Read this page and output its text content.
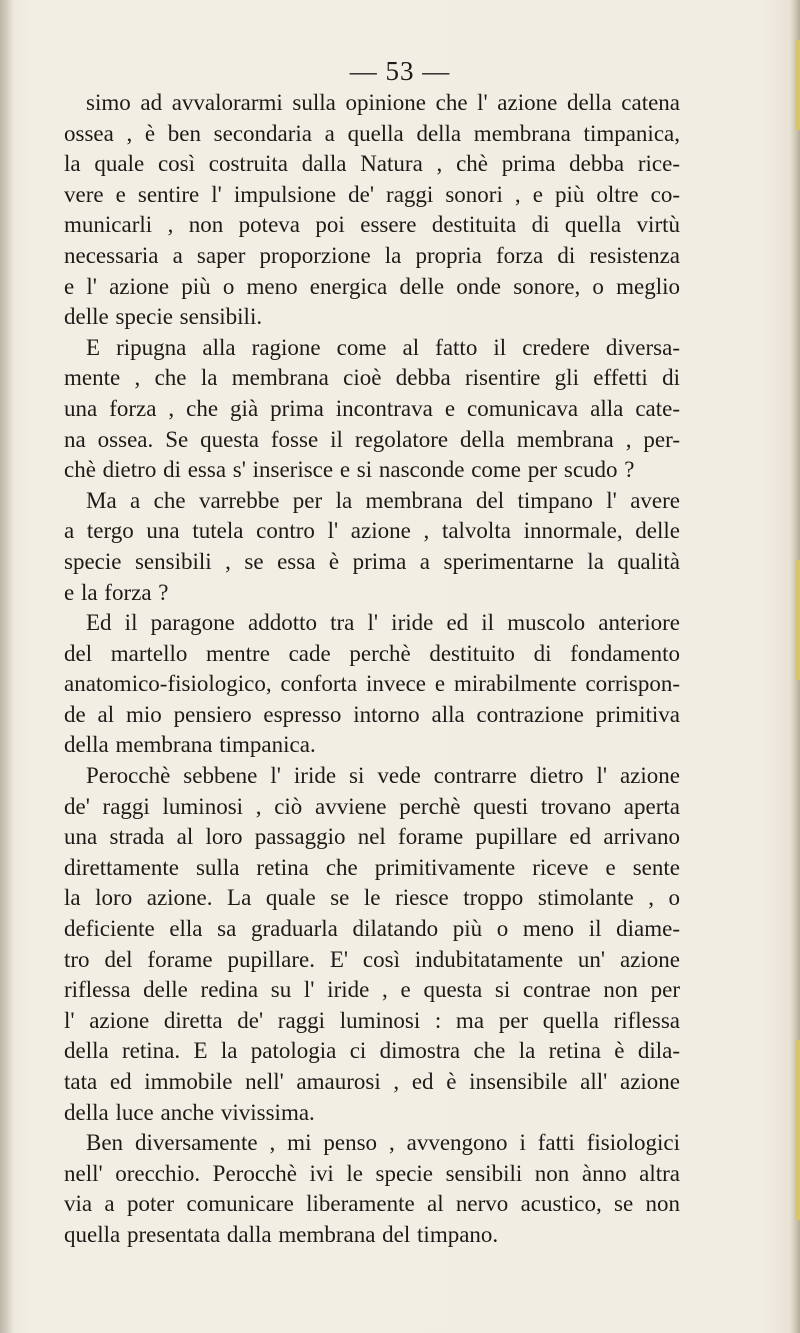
— 53 —
simo ad avvalorarmi sulla opinione che l' azione della catena
ossea , è ben secondaria a quella della membrana timpanica,
la quale così costruita dalla Natura , chè prima debba rice-
vere e sentire l' impulsione de' raggi sonori , e più oltre co-
municarli , non poteva poi essere destituita di quella virtù
necessaria a saper proporzione la propria forza di resistenza
e l' azione più o meno energica delle onde sonore, o meglio
delle specie sensibili.
E ripugna alla ragione come al fatto il credere diversa-
mente , che la membrana cioè debba risentire gli effetti di
una forza , che già prima incontrava e comunicava alla cate-
na ossea. Se questa fosse il regolatore della membrana , per-
chè dietro di essa s' inserisce e si nasconde come per scudo ?
Ma a che varrebbe per la membrana del timpano l' avere
a tergo una tutela contro l' azione , talvolta innormale, delle
specie sensibili , se essa è prima a sperimentarne la qualità
e la forza ?
Ed il paragone addotto tra l' iride ed il muscolo anteriore
del martello mentre cade perchè destituito di fondamento
anatomico-fisiologico, conforta invece e mirabilmente corrispon-
de al mio pensiero espresso intorno alla contrazione primitiva
della membrana timpanica.
Perocchè sebbene l' iride si vede contrarre dietro l' azione
de' raggi luminosi , ciò avviene perchè questi trovano aperta
una strada al loro passaggio nel forame pupillare ed arrivano
direttamente sulla retina che primitivamente riceve e sente
la loro azione. La quale se le riesce troppo stimolante , o
deficiente ella sa graduarla dilatando più o meno il diame-
tro del forame pupillare. E' così indubitatamente un' azione
riflessa delle redina su l' iride , e questa si contrae non per
l' azione diretta de' raggi luminosi : ma per quella riflessa
della retina. E la patologia ci dimostra che la retina è dila-
tata ed immobile nell' amaurosi , ed è insensibile all' azione
della luce anche vivissima.
Ben diversamente , mi penso , avvengono i fatti fisiologici
nell' orecchio. Perocchè ivi le specie sensibili non ànno altra
via a poter comunicare liberamente al nervo acustico, se non
quella presentata dalla membrana del timpano.
